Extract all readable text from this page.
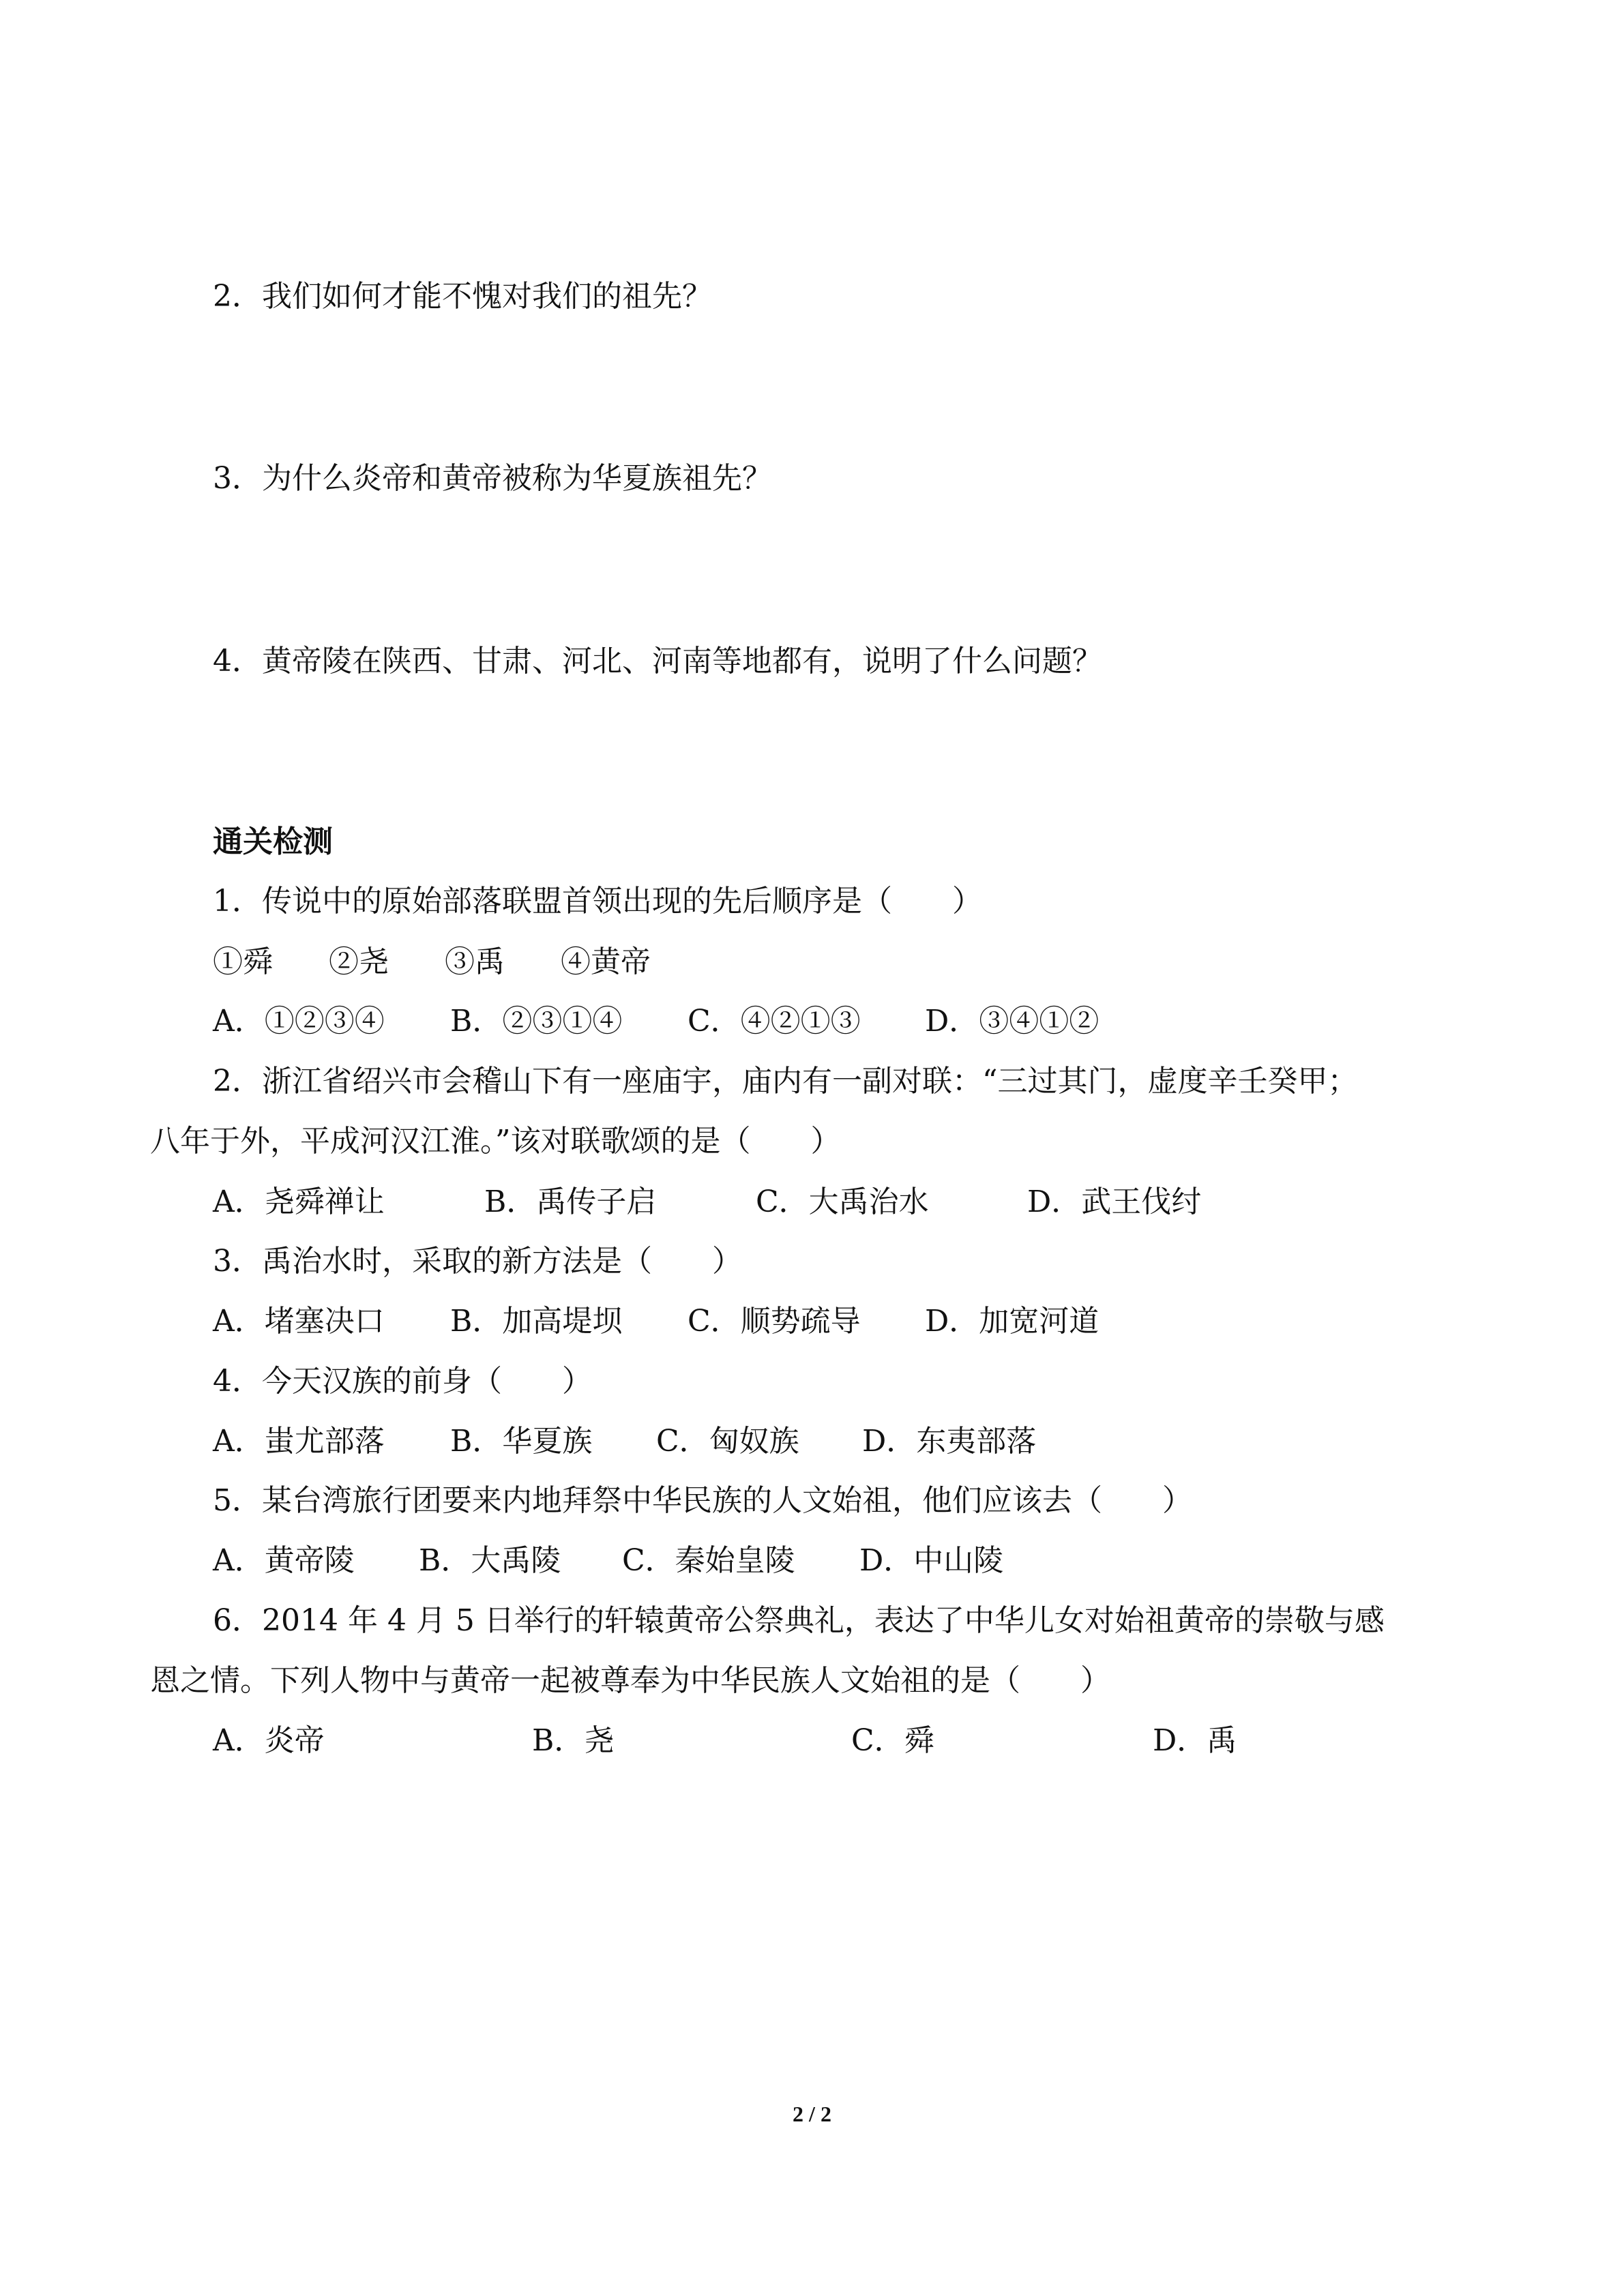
2．我们如何才能不愧对我们的祖先？
3．为什么炎帝和黄帝被称为华夏族祖先？
4．黄帝陵在陕西、甘肃、河北、河南等地都有，说明了什么问题？
通关检测
1．传说中的原始部落联盟首领出现的先后顺序是（　　）
①舜	②尧	③禹	④黄帝
A．①②③④	B．②③①④	C．④②①③	D．③④①②
2．浙江省绍兴市会稽山下有一座庙宇，庙内有一副对联：“三过其门，虚度辛壬癸甲；
八年于外，平成河汉江淮。”该对联歌颂的是（　　）
A．尧舜禅让	B．禹传子启	C．大禹治水	D．武王伐纣
3．禹治水时，采取的新方法是（　　）
A．堵塞决口	B．加高堤坝	C．顺势疏导	D．加宽河道
4．今天汉族的前身（　　）
A．蚩尤部落	B．华夏族	C．匈奴族	D．东夷部落
5．某台湾旅行团要来内地拜祭中华民族的人文始祖，他们应该去（　　）
A．黄帝陵	B．大禹陵	C．秦始皇陵	D．中山陵
6．2014 年 4 月 5 日举行的轩辕黄帝公祭典礼，表达了中华儿女对始祖黄帝的崇敬与感
恩之情。下列人物中与黄帝一起被尊奉为中华民族人文始祖的是（　　）
A．炎帝	B．尧	C．舜	D．禹
2 / 2
